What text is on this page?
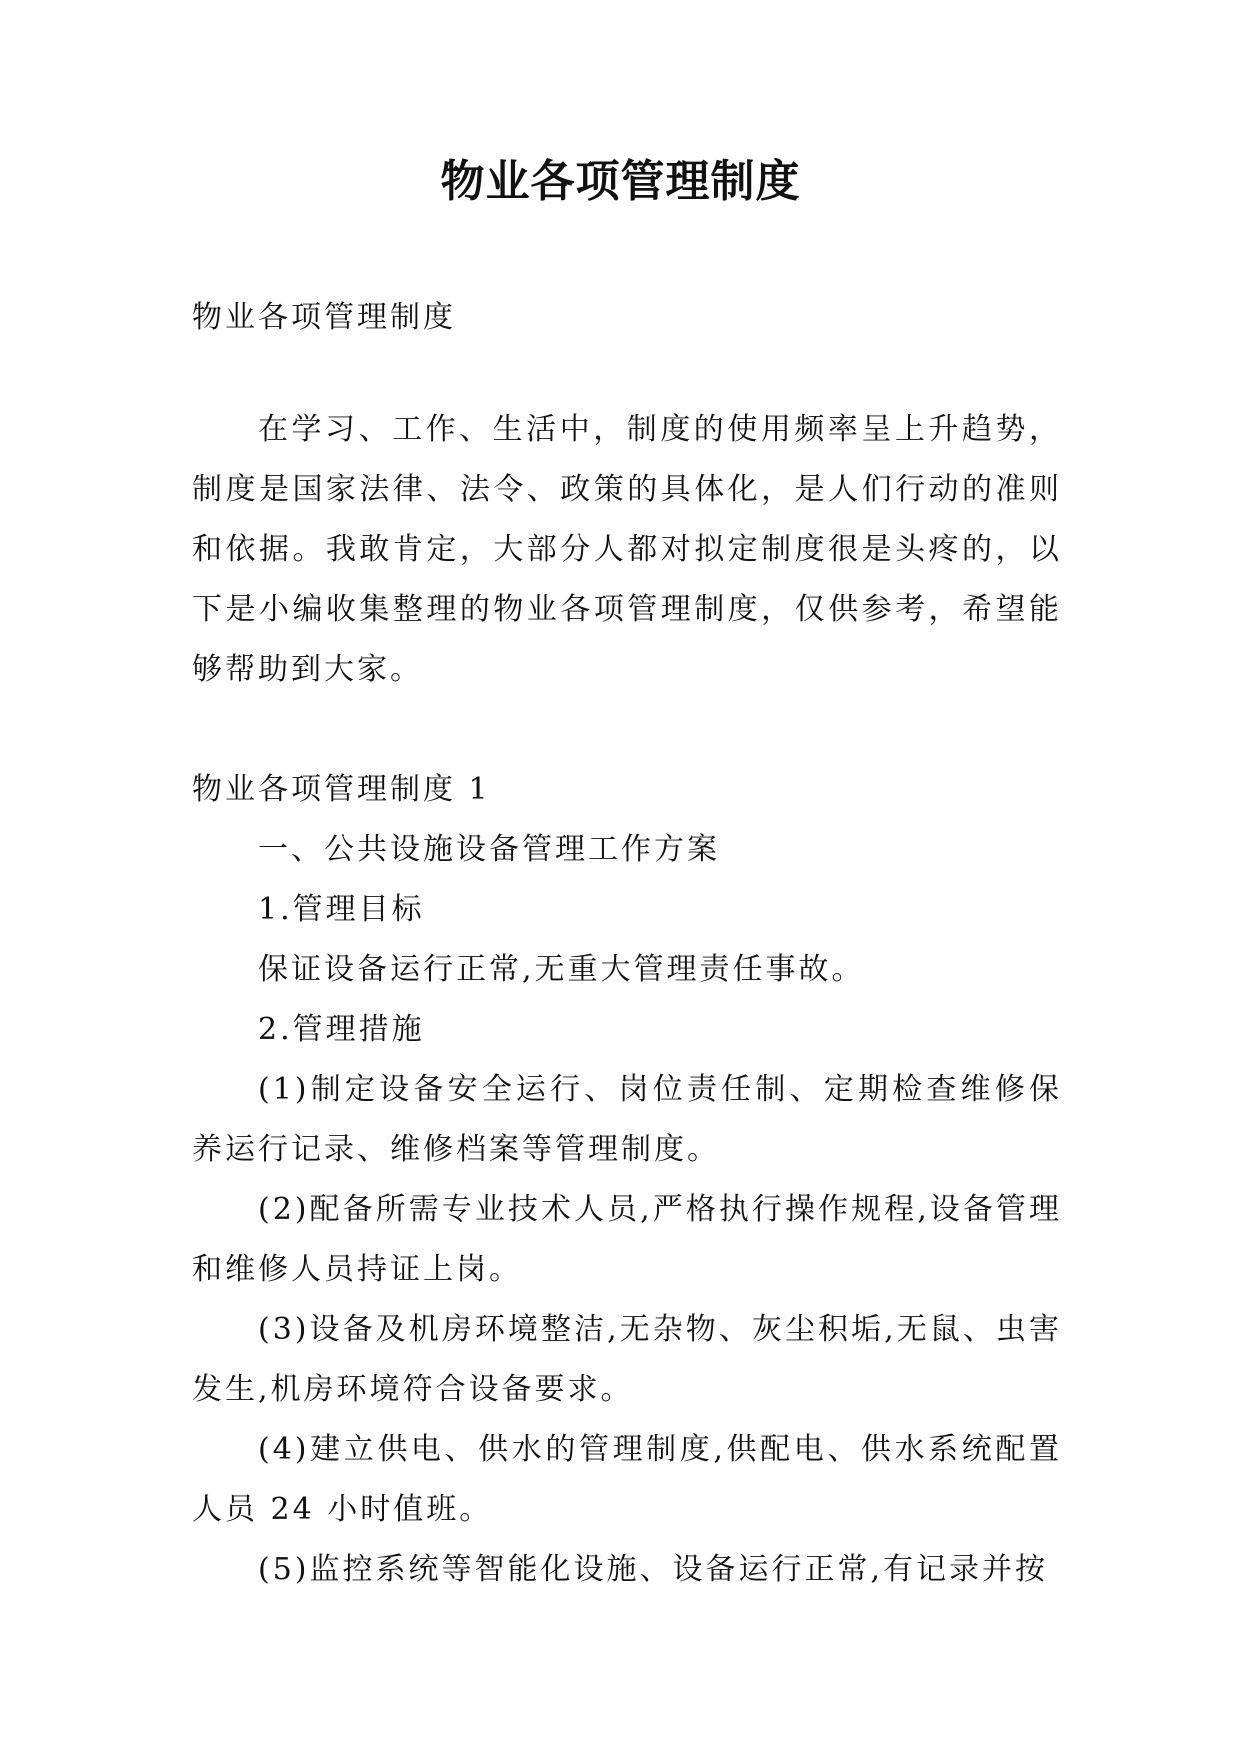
物业各项管理制度
物业各项管理制度
在学习、工作、生活中，制度的使用频率呈上升趋势，制度是国家法律、法令、政策的具体化，是人们行动的准则和依据。我敢肯定，大部分人都对拟定制度很是头疼的，以下是小编收集整理的物业各项管理制度，仅供参考，希望能够帮助到大家。
物业各项管理制度 1
一、公共设施设备管理工作方案
1.管理目标
保证设备运行正常,无重大管理责任事故。
2.管理措施
(1)制定设备安全运行、岗位责任制、定期检查维修保养运行记录、维修档案等管理制度。
(2)配备所需专业技术人员,严格执行操作规程,设备管理和维修人员持证上岗。
(3)设备及机房环境整洁,无杂物、灰尘积垢,无鼠、虫害发生,机房环境符合设备要求。
(4)建立供电、供水的管理制度,供配电、供水系统配置人员 24 小时值班。
(5)监控系统等智能化设施、设备运行正常,有记录并按
